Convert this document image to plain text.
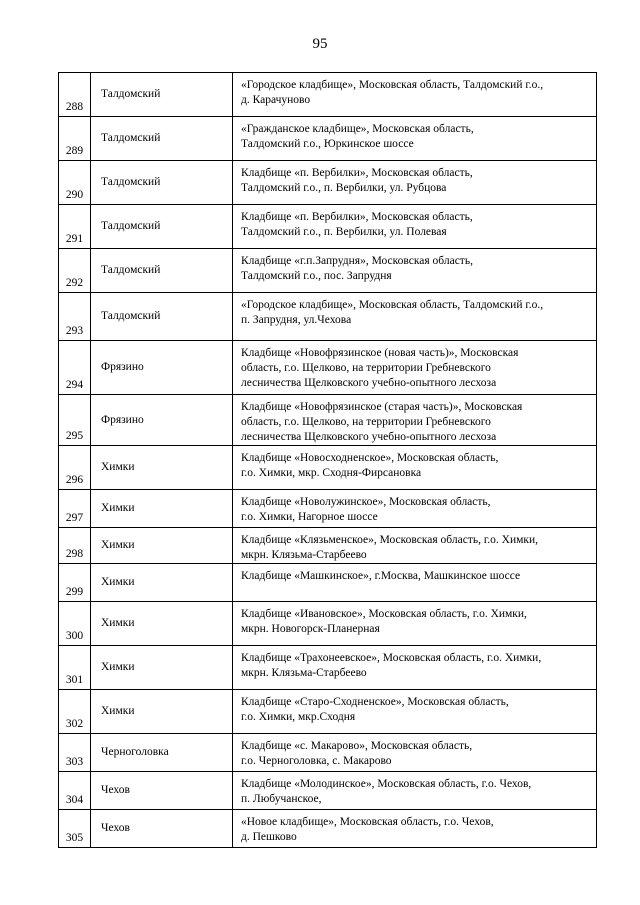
95
288	Талдомский	«Городское кладбище», Московская область, Талдомский г.о.,
д. Карачуново
289	Талдомский	«Гражданское кладбище», Московская область,
Талдомский г.о., Юркинское шоссе
290	Талдомский	Кладбище «п. Вербилки», Московская область,
Талдомский г.о., п. Вербилки, ул. Рубцова
291	Талдомский	Кладбище «п. Вербилки», Московская область,
Талдомский г.о., п. Вербилки, ул. Полевая
292	Талдомский	Кладбище «г.п.Запрудня», Московская область,
Талдомский г.о., пос. Запрудня
293	Талдомский	«Городское кладбище», Московская область, Талдомский г.о.,
п. Запрудня, ул.Чехова
294	Фрязино	Кладбище «Новофрязинское (новая часть)», Московская
область, г.о. Щелково, на территории Гребневского
лесничества Щелковского учебно-опытного лесхоза
295	Фрязино	Кладбище «Новофрязинское (старая часть)», Московская
область, г.о. Щелково, на территории Гребневского
лесничества Щелковского учебно-опытного лесхоза
296	Химки	Кладбище «Новосходненское», Московская область,
г.о. Химки, мкр. Сходня-Фирсановка
297	Химки	Кладбище «Новолужинское», Московская область,
г.о. Химки, Нагорное шоссе
298	Химки	Кладбище «Клязьменское», Московская область, г.о. Химки,
мкрн. Клязьма-Старбеево
299	Химки	Кладбище «Машкинское», г.Москва, Машкинское шоссе
300	Химки	Кладбище «Ивановское», Московская область, г.о. Химки,
мкрн. Новогорск-Планерная
301	Химки	Кладбище «Трахонеевское», Московская область, г.о. Химки,
мкрн. Клязьма-Старбеево
302	Химки	Кладбище «Старо-Сходненское», Московская область,
г.о. Химки, мкр.Сходня
303	Черноголовка	Кладбище «с. Макарово», Московская область,
г.о. Черноголовка, с. Макарово
304	Чехов	Кладбище «Молодинское», Московская область, г.о. Чехов,
п. Любучанское,
305	Чехов	«Новое кладбище», Московская область, г.о. Чехов,
д. Пешково
